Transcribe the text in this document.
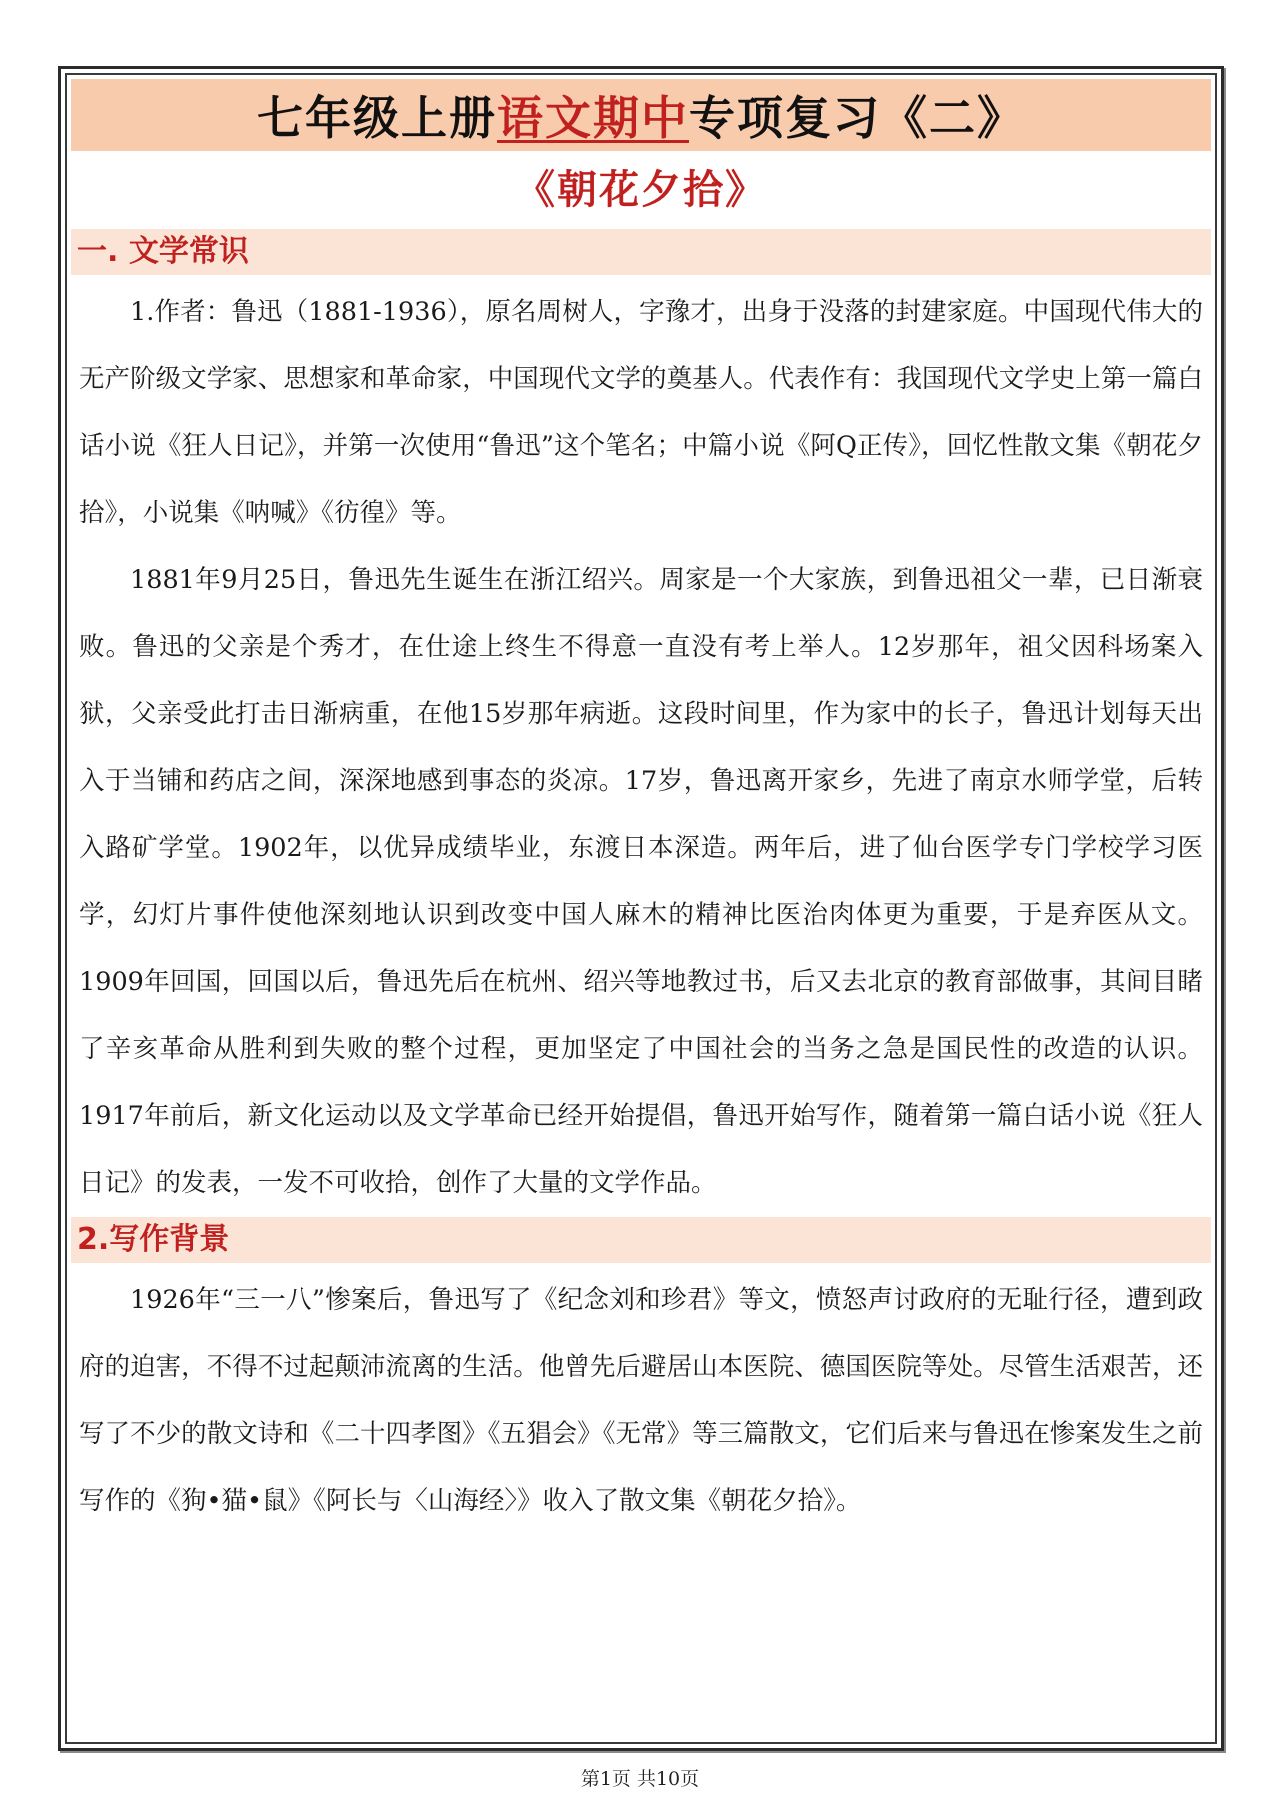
七年级上册语文期中专项复习《二》
《朝花夕拾》
一. 文学常识

1.作者：鲁迅（1881-1936），原名周树人，字豫才，出身于没落的封建家庭。中国现代伟大的无产阶级文学家、思想家和革命家，中国现代文学的奠基人。代表作有：我国现代文学史上第一篇白话小说《狂人日记》，并第一次使用“鲁迅”这个笔名；中篇小说《阿Q正传》，回忆性散文集《朝花夕拾》，小说集《呐喊》《彷徨》等。

1881年9月25日，鲁迅先生诞生在浙江绍兴。周家是一个大家族，到鲁迅祖父一辈，已日渐衰败。鲁迅的父亲是个秀才，在仕途上终生不得意一直没有考上举人。12岁那年，祖父因科场案入狱，父亲受此打击日渐病重，在他15岁那年病逝。这段时间里，作为家中的长子，鲁迅计划每天出入于当铺和药店之间，深深地感到事态的炎凉。17岁，鲁迅离开家乡，先进了南京水师学堂，后转入路矿学堂。1902年，以优异成绩毕业，东渡日本深造。两年后，进了仙台医学专门学校学习医学，幻灯片事件使他深刻地认识到改变中国人麻木的精神比医治肉体更为重要，于是弃医从文。1909年回国，回国以后，鲁迅先后在杭州、绍兴等地教过书，后又去北京的教育部做事，其间目睹了辛亥革命从胜利到失败的整个过程，更加坚定了中国社会的当务之急是国民性的改造的认识。1917年前后，新文化运动以及文学革命已经开始提倡，鲁迅开始写作，随着第一篇白话小说《狂人日记》的发表，一发不可收拾，创作了大量的文学作品。

2.写作背景

1926年“三一八”惨案后，鲁迅写了《纪念刘和珍君》等文，愤怒声讨政府的无耻行径，遭到政府的迫害，不得不过起颠沛流离的生活。他曾先后避居山本医院、德国医院等处。尽管生活艰苦，还写了不少的散文诗和《二十四孝图》《五猖会》《无常》等三篇散文，它们后来与鲁迅在惨案发生之前写作的《狗•猫•鼠》《阿长与〈山海经〉》收入了散文集《朝花夕拾》。

第1页 共10页
